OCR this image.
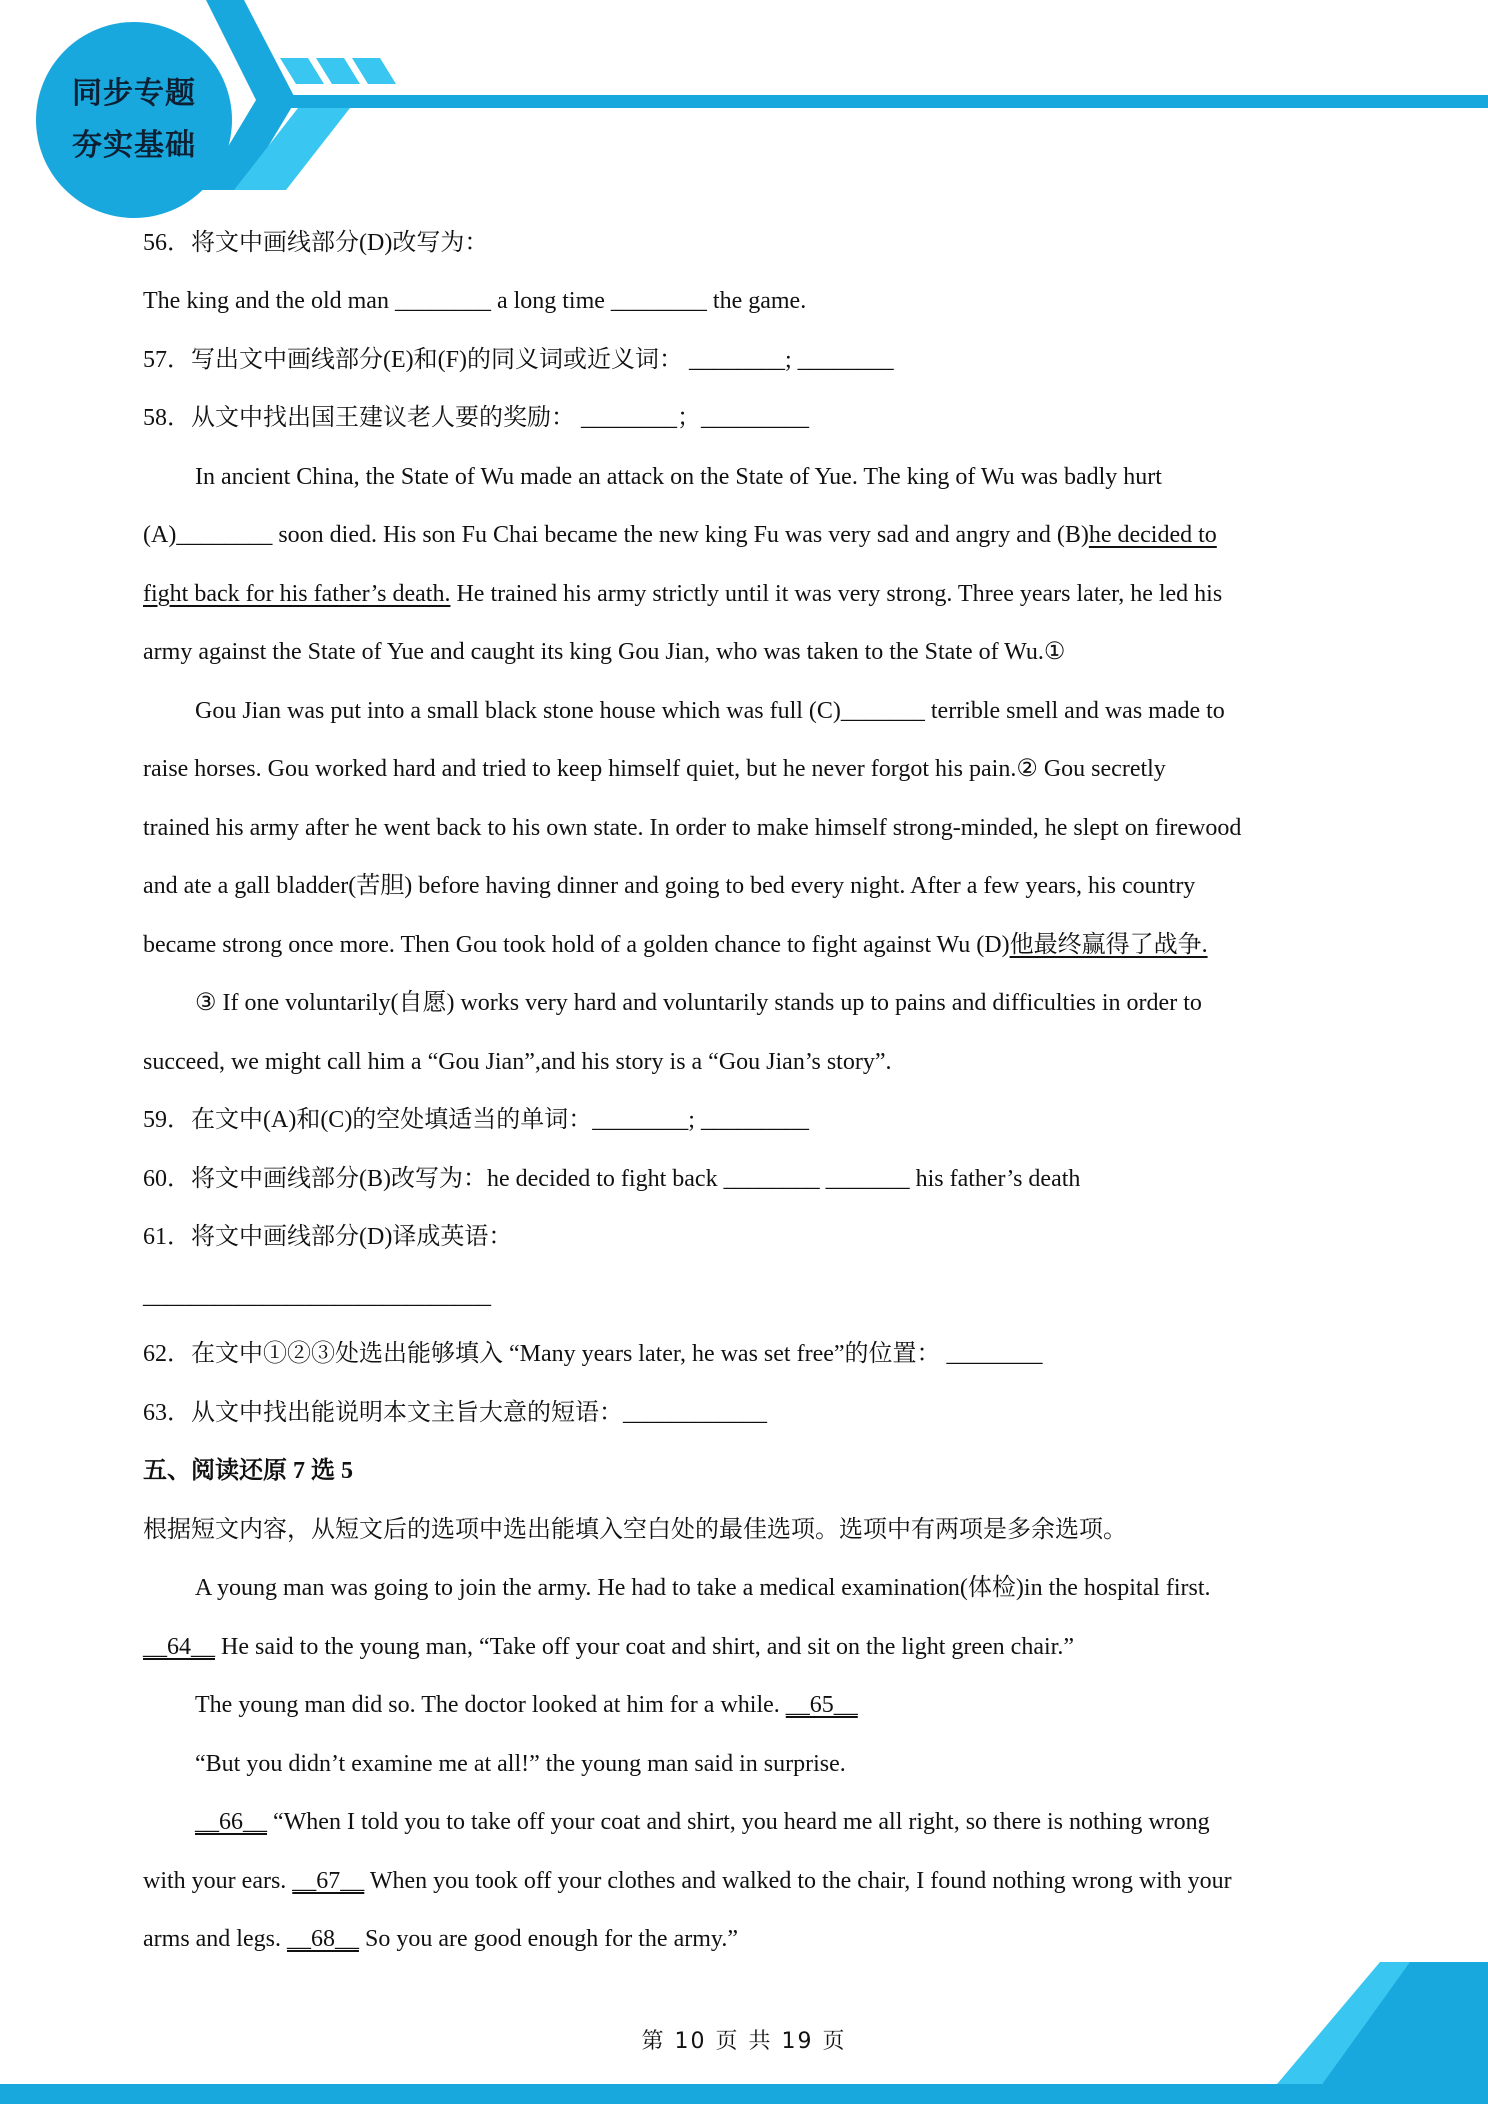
同步专题
夯实基础
56．将文中画线部分(D)改写为：
The king and the old man ________ a long time ________ the game.
57．写出文中画线部分(E)和(F)的同义词或近义词： ________; ________
58．从文中找出国王建议老人要的奖励： ________；_________
In ancient China, the State of Wu made an attack on the State of Yue. The king of Wu was badly hurt
(A)________ soon died. His son Fu Chai became the new king Fu was very sad and angry and (B)he decided to
fight back for his father’s death. He trained his army strictly until it was very strong. Three years later, he led his
army against the State of Yue and caught its king Gou Jian, who was taken to the State of Wu.①
Gou Jian was put into a small black stone house which was full (C)_______ terrible smell and was made to
raise horses. Gou worked hard and tried to keep himself quiet, but he never forgot his pain.② Gou secretly
trained his army after he went back to his own state. In order to make himself strong-minded, he slept on firewood
and ate a gall bladder(苦胆) before having dinner and going to bed every night. After a few years, his country
became strong once more. Then Gou took hold of a golden chance to fight against Wu (D)他最终赢得了战争.
③ If one voluntarily(自愿) works very hard and voluntarily stands up to pains and difficulties in order to
succeed, we might call him a “Gou Jian”,and his story is a “Gou Jian’s story”.
59．在文中(A)和(C)的空处填适当的单词：________; _________
60．将文中画线部分(B)改写为：he decided to fight back ________ _______ his father’s death
61．将文中画线部分(D)译成英语：
_____________________________
62．在文中①②③处选出能够填入 “Many years later, he was set free”的位置： ________
63．从文中找出能说明本文主旨大意的短语：____________
五、阅读还原 7 选 5
根据短文内容，从短文后的选项中选出能填入空白处的最佳选项。选项中有两项是多余选项。
A young man was going to join the army. He had to take a medical examination(体检)in the hospital first.
__64__ He said to the young man, “Take off your coat and shirt, and sit on the light green chair.”
The young man did so. The doctor looked at him for a while. __65__
“But you didn’t examine me at all!” the young man said in surprise.
__66__ “When I told you to take off your coat and shirt, you heard me all right, so there is nothing wrong
with your ears. __67__ When you took off your clothes and walked to the chair, I found nothing wrong with your
arms and legs. __68__ So you are good enough for the army.”
第 10 页 共 19 页
